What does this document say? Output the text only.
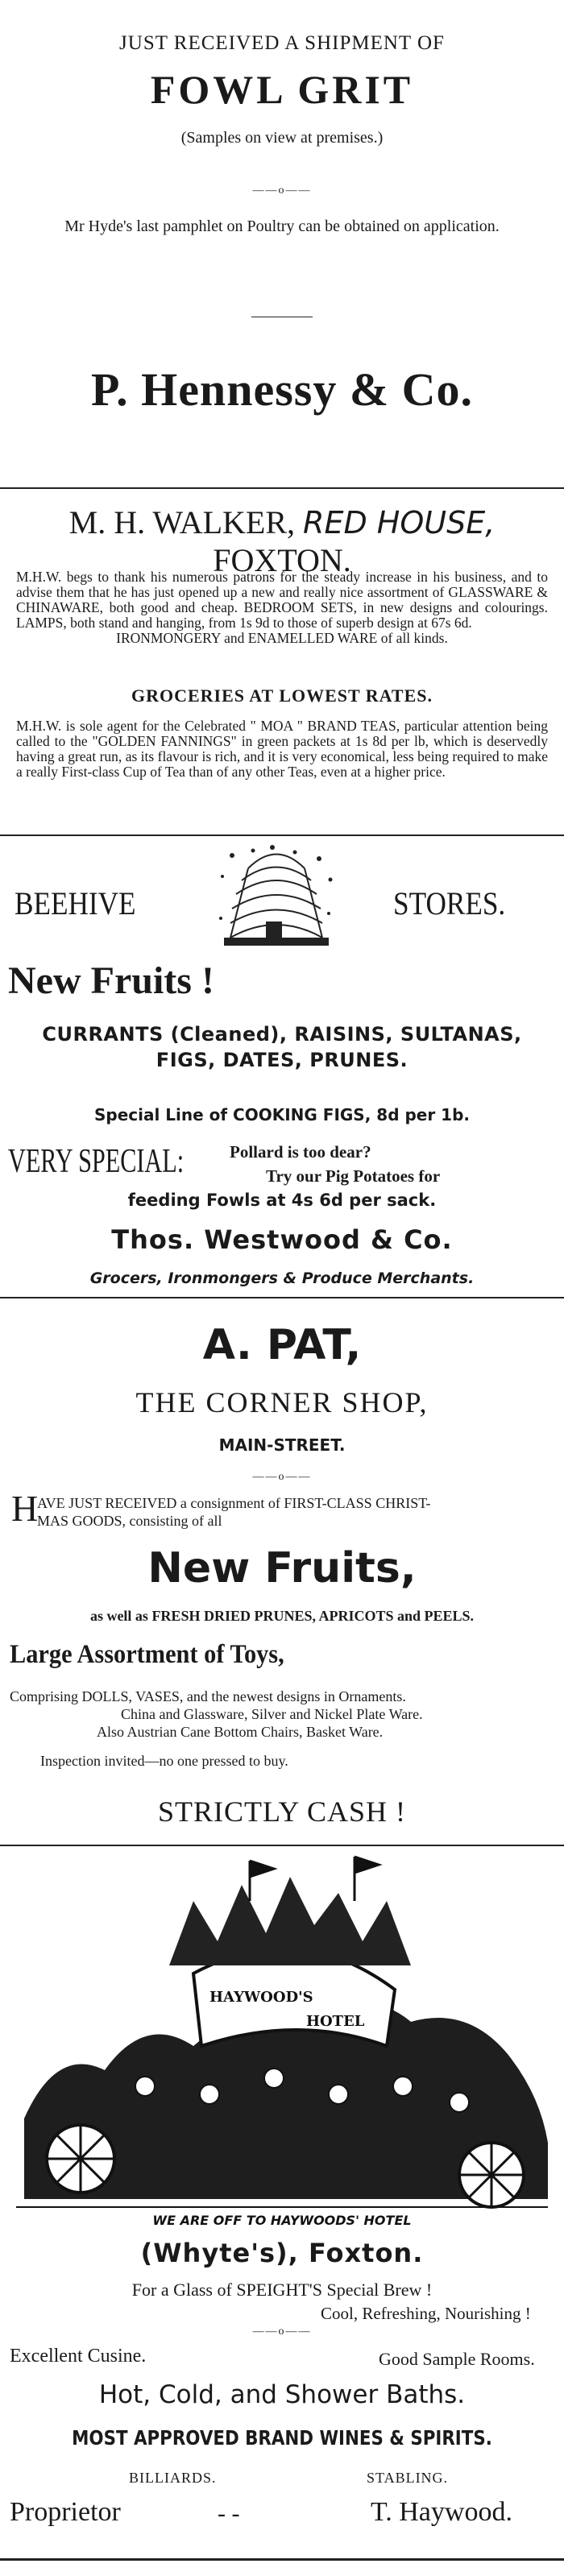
JUST RECEIVED A SHIPMENT OF
FOWL GRIT
(Samples on view at premises.)
——o——
Mr Hyde's last pamphlet on Poultry can be obtained on application.
P. Hennessy & Co.
M. H. WALKER, RED HOUSE, FOXTON.
M.H.W. begs to thank his numerous patrons for the steady increase in his business, and to advise them that he has just opened up a new and really nice assortment of GLASSWARE & CHINAWARE, both good and cheap. BEDROOM SETS, in new designs and colourings. LAMPS, both stand and hanging, from 1s 9d to those of superb design at 67s 6d.
IRONMONGERY and ENAMELLED WARE of all kinds.
GROCERIES AT LOWEST RATES.
M.H.W. is sole agent for the Celebrated " MOA " BRAND TEAS, particular attention being called to the "GOLDEN FANNINGS" in green packets at 1s 8d per lb, which is deservedly having a great run, as its flavour is rich, and it is very economical, less being required to make a really First-class Cup of Tea than of any other Teas, even at a higher price.
BEEHIVE	STORES.
New Fruits !
CURRANTS (Cleaned), RAISINS, SULTANAS,
FIGS, DATES, PRUNES.
Special Line of COOKING FIGS, 8d per 1b.
VERY SPECIAL:	Pollard is too dear?
Try our Pig Potatoes for
feeding Fowls at 4s 6d per sack.
Thos. Westwood & Co.
Grocers, Ironmongers & Produce Merchants.
A. PAT,
THE CORNER SHOP,
MAIN-STREET.
——o——
H
AVE JUST RECEIVED a consignment of FIRST-CLASS CHRIST-
MAS GOODS, consisting of all
New Fruits,
as well as FRESH DRIED PRUNES, APRICOTS and PEELS.
Large Assortment of Toys,
Comprising DOLLS, VASES, and the newest designs in Ornaments.
China and Glassware, Silver and Nickel Plate Ware.
Also Austrian Cane Bottom Chairs, Basket Ware.
Inspection invited—no one pressed to buy.
STRICTLY CASH !
HAYWOOD'S
HOTEL
WE ARE OFF TO HAYWOODS' HOTEL
(Whyte's), Foxton.
For a Glass of SPEIGHT'S Special Brew !
Cool, Refreshing, Nourishing !
——o——
Excellent Cusine.	Good Sample Rooms.
Hot, Cold, and Shower Baths.
MOST APPROVED BRAND WINES & SPIRITS.
BILLIARDS.	STABLING.
Proprietor	- -	T. Haywood.
